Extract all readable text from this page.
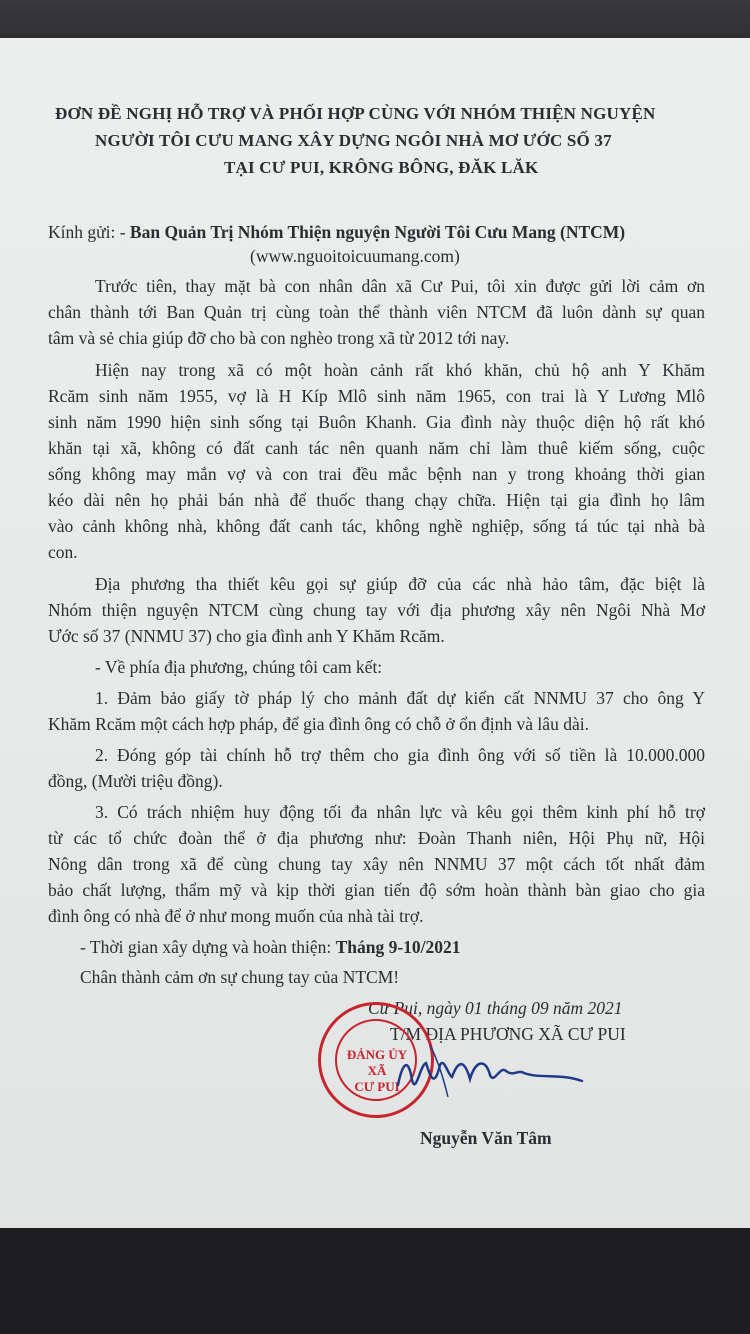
ĐƠN ĐỀ NGHỊ HỖ TRỢ VÀ PHỐI HỢP CÙNG VỚI NHÓM THIỆN NGUYỆN
NGƯỜI TÔI CƯU MANG XÂY DỰNG NGÔI NHÀ MƠ ƯỚC SỐ 37
TẠI CƯ PUI, KRÔNG BÔNG, ĐĂK LĂK
Kính gửi: - Ban Quản Trị Nhóm Thiện nguyện Người Tôi Cưu Mang (NTCM)
(www.nguoitoicuumang.com)
Trước tiên, thay mặt bà con nhân dân xã Cư Pui, tôi xin được gửi lời cảm ơn
chân thành tới Ban Quản trị cùng toàn thể thành viên NTCM đã luôn dành sự quan
tâm và sẻ chia giúp đỡ cho bà con nghèo trong xã từ 2012 tới nay.
Hiện nay trong xã có một hoàn cảnh rất khó khăn, chủ hộ anh Y Khăm
Rcăm sinh năm 1955, vợ là H Kíp Mlô sinh năm 1965, con trai là Y Lương Mlô
sinh năm 1990 hiện sinh sống tại Buôn Khanh. Gia đình này thuộc diện hộ rất khó
khăn tại xã, không có đất canh tác nên quanh năm chỉ làm thuê kiếm sống, cuộc
sống không may mắn vợ và con trai đều mắc bệnh nan y trong khoảng thời gian
kéo dài nên họ phải bán nhà để thuốc thang chạy chữa. Hiện tại gia đình họ lâm
vào cảnh không nhà, không đất canh tác, không nghề nghiệp, sống tá túc tại nhà bà
con.
Địa phương tha thiết kêu gọi sự giúp đỡ của các nhà hảo tâm, đặc biệt là
Nhóm thiện nguyện NTCM cùng chung tay với địa phương xây nên Ngôi Nhà Mơ
Ước số 37 (NNMU 37) cho gia đình anh Y Khăm Rcăm.
- Về phía địa phương, chúng tôi cam kết:
1. Đảm bảo giấy tờ pháp lý cho mảnh đất dự kiến cất NNMU 37 cho ông Y
Khăm Rcăm một cách hợp pháp, để gia đình ông có chỗ ở ổn định và lâu dài.
2. Đóng góp tài chính hỗ trợ thêm cho gia đình ông với số tiền là 10.000.000
đồng, (Mười triệu đồng).
3. Có trách nhiệm huy động tối đa nhân lực và kêu gọi thêm kinh phí hỗ trợ
từ các tổ chức đoàn thể ở địa phương như: Đoàn Thanh niên, Hội Phụ nữ, Hội
Nông dân trong xã để cùng chung tay xây nên NNMU 37 một cách tốt nhất đảm
bảo chất lượng, thẩm mỹ và kịp thời gian tiến độ sớm hoàn thành bàn giao cho gia
đình ông có nhà để ở như mong muốn của nhà tài trợ.
- Thời gian xây dựng và hoàn thiện: Tháng 9-10/2021
Chân thành cảm ơn sự chung tay của NTCM!
Cư Pui, ngày 01 tháng 09 năm 2021
T/M ĐỊA PHƯƠNG XÃ CƯ PUI
ĐẢNG ỦY
XÃ
CƯ PUI
Nguyễn Văn Tâm
